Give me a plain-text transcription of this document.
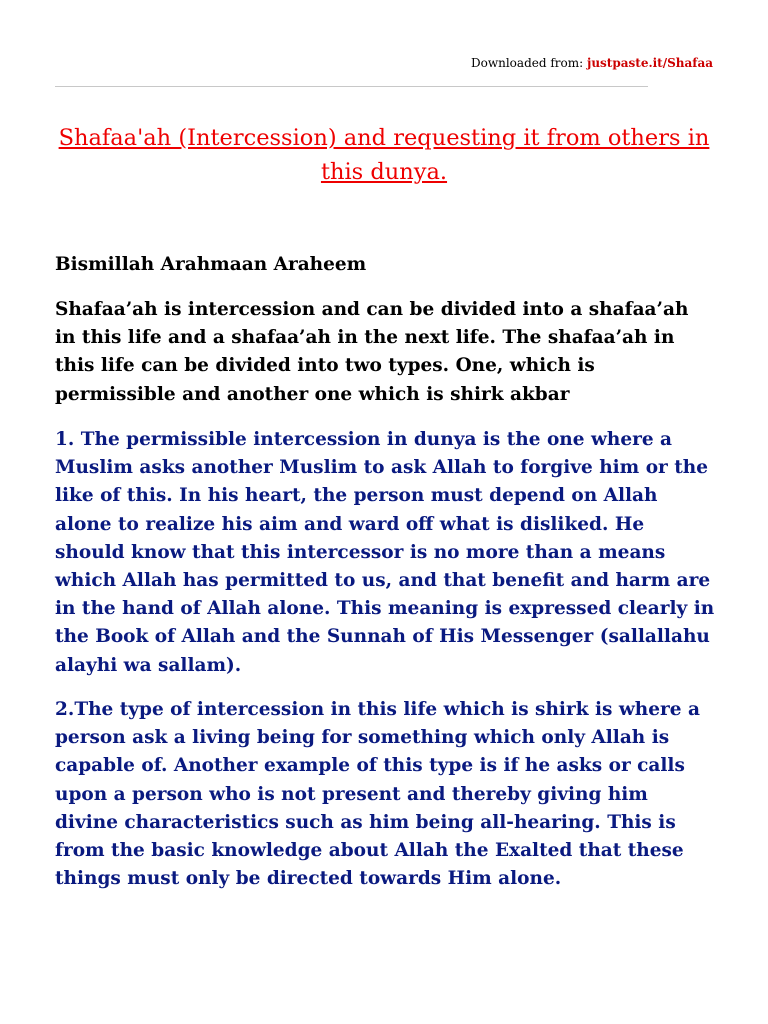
Downloaded from: justpaste.it/Shafaa
Shafaa'ah (Intercession) and requesting it from others in this dunya.

Bismillah Arahmaan Araheem

Shafaa’ah is intercession and can be divided into a shafaa’ah in this life and a shafaa’ah in the next life. The shafaa’ah in this life can be divided into two types. One, which is permissible and another one which is shirk akbar

1. The permissible intercession in dunya is the one where a Muslim asks another Muslim to ask Allah to forgive him or the like of this. In his heart, the person must depend on Allah alone to realize his aim and ward off what is disliked. He should know that this intercessor is no more than a means which Allah has permitted to us, and that benefit and harm are in the hand of Allah alone. This meaning is expressed clearly in the Book of Allah and the Sunnah of His Messenger (sallallahu alayhi wa sallam).

2.The type of intercession in this life which is shirk is where a person ask a living being for something which only Allah is capable of. Another example of this type is if he asks or calls upon a person who is not present and thereby giving him divine characteristics such as him being all-hearing. This is from the basic knowledge about Allah the Exalted that these things must only be directed towards Him alone.
